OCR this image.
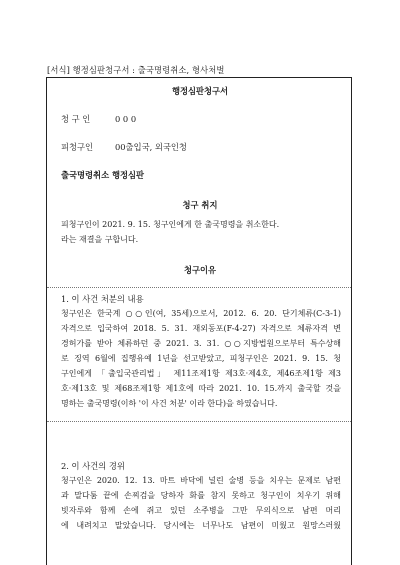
[서식] 행정심판청구서 : 출국명령취소, 형사처벌
행정심판청구서
청 구 인	0 0 0
피청구인	00출입국, 외국인청
출국명령취소 행정심판
청구 취지
피청구인이 2021. 9. 15. 청구인에게 한 출국명령을 취소한다.
라는 재결을 구합니다.
청구이유
1. 이 사건 처분의 내용
청구인은 한국계 ○○인(여, 35세)으로서, 2012. 6. 20. 단기체류(C-3-1)
자격으로 입국하여 2018. 5. 31. 재외동포(F-4-27) 자격으로 체류자격 변
경허가를 받아 체류하던 중 2021. 3. 31. ○○지방법원으로부터 특수상해
로 징역 6월에 집행유예 1년을 선고받았고, 피청구인은 2021. 9. 15. 청
구인에게 「출입국관리법」 제11조제1항 제3호·제4호, 제46조제1항 제3
호·제13호 및 제68조제1항 제1호에 따라 2021. 10. 15.까지 출국할 것을
명하는 출국명령(이하 '이 사건 처분' 이라 한다)을 하였습니다.
2. 이 사건의 경위
청구인은 2020. 12. 13. 마트 바닥에 널린 술병 등을 치우는 문제로 남편
과 말다툼 끝에 손찌검을 당하자 화를 참지 못하고 청구인이 치우기 위해
빗자루와 함께 손에 쥐고 있던 소주병을 그만 무의식으로 남편 머리
에 내려치고 말았습니다. 당시에는 너무나도 남편이 미웠고 원망스러웠
